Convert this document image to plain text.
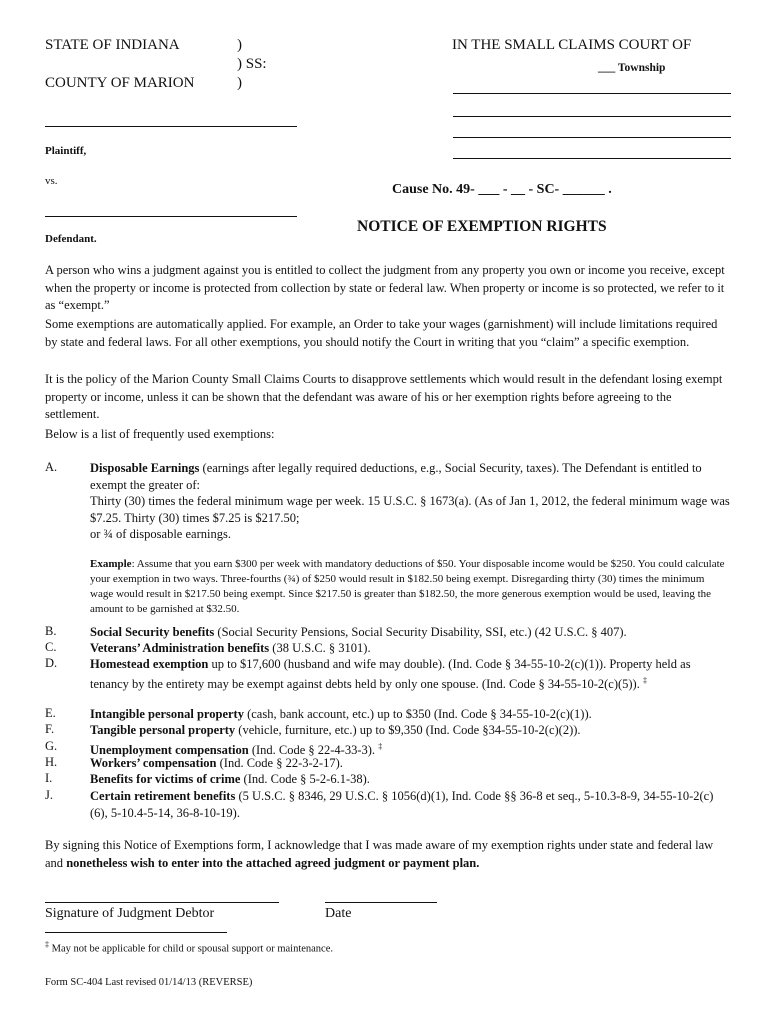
STATE OF INDIANA
COUNTY OF MARION
)
) SS:
)
IN THE SMALL CLAIMS COURT OF
___ Township
Plaintiff,
vs.
Defendant.
Cause No. 49- ___ - __ - SC- ______ .
NOTICE OF EXEMPTION RIGHTS
A person who wins a judgment against you is entitled to collect the judgment from any property you own or income you receive, except when the property or income is protected from collection by state or federal law. When property or income is so protected, we refer to it as “exempt.”
Some exemptions are automatically applied. For example, an Order to take your wages (garnishment) will include limitations required by state and federal laws. For all other exemptions, you should notify the Court in writing that you “claim” a specific exemption.
It is the policy of the Marion County Small Claims Courts to disapprove settlements which would result in the defendant losing exempt property or income, unless it can be shown that the defendant was aware of his or her exemption rights before agreeing to the settlement.
Below is a list of frequently used exemptions:
A.	Disposable Earnings (earnings after legally required deductions, e.g., Social Security, taxes). The Defendant is entitled to exempt the greater of:
Thirty (30) times the federal minimum wage per week. 15 U.S.C. § 1673(a). (As of Jan 1, 2012, the federal minimum wage was $7.25. Thirty (30) times $7.25 is $217.50;
or ¾ of disposable earnings.
Example: Assume that you earn $300 per week with mandatory deductions of $50. Your disposable income would be $250. You could calculate your exemption in two ways. Three-fourths (¾) of $250 would result in $182.50 being exempt. Disregarding thirty (30) times the minimum wage would result in $217.50 being exempt. Since $217.50 is greater than $182.50, the more generous exemption would be used, leaving the amount to be garnished at $32.50.
B.	Social Security benefits (Social Security Pensions, Social Security Disability, SSI, etc.) (42 U.S.C. § 407).
C.	Veterans’ Administration benefits (38 U.S.C. § 3101).
D.	Homestead exemption up to $17,600 (husband and wife may double). (Ind. Code § 34-55-10-2(c)(1)). Property held as tenancy by the entirety may be exempt against debts held by only one spouse. (Ind. Code § 34-55-10-2(c)(5)). ‡
E.	Intangible personal property (cash, bank account, etc.) up to $350 (Ind. Code § 34-55-10-2(c)(1)).
F.	Tangible personal property (vehicle, furniture, etc.) up to $9,350 (Ind. Code §34-55-10-2(c)(2)).
G.	Unemployment compensation (Ind. Code § 22-4-33-3). ‡
H.	Workers’ compensation (Ind. Code § 22-3-2-17).
I.	Benefits for victims of crime (Ind. Code § 5-2-6.1-38).
J.	Certain retirement benefits (5 U.S.C. § 8346, 29 U.S.C. § 1056(d)(1), Ind. Code §§ 36-8 et seq., 5-10.3-8-9, 34-55-10-2(c)(6), 5-10.4-5-14, 36-8-10-19).
By signing this Notice of Exemptions form, I acknowledge that I was made aware of my exemption rights under state and federal law and nonetheless wish to enter into the attached agreed judgment or payment plan.
Signature of Judgment Debtor	Date
‡ May not be applicable for child or spousal support or maintenance.
Form SC-404 Last revised 01/14/13 (REVERSE)
